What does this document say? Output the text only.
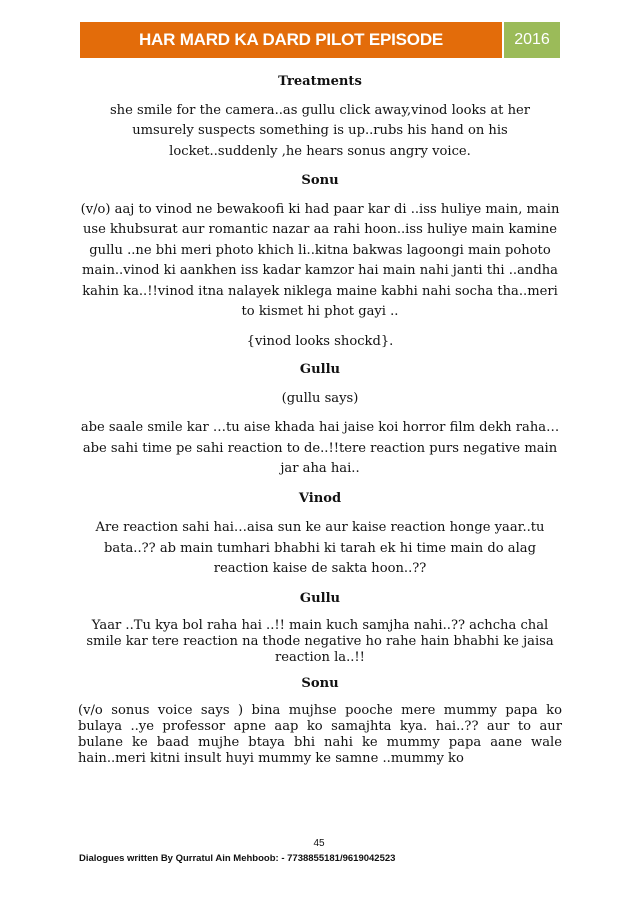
HAR MARD KA DARD PILOT EPISODE	2016

Treatments

she smile for the camera..as gullu click away,vinod looks at her umsurely suspects something is up..rubs his hand on his locket..suddenly ,he hears sonus angry voice.

Sonu

(v/o) aaj to vinod ne bewakoofi ki had paar kar di ..iss huliye main, main use khubsurat aur romantic nazar aa rahi hoon..iss huliye main kamine gullu ..ne bhi meri photo khich li..kitna bakwas lagoongi main pohoto main..vinod ki aankhen iss kadar kamzor hai main nahi janti thi ..andha kahin ka..!!vinod itna nalayek niklega maine kabhi nahi socha tha..meri to kismet hi phot gayi ..

{vinod looks shockd}.

Gullu

(gullu says)

abe saale smile kar …tu aise khada hai jaise koi horror film dekh raha…abe sahi time pe sahi reaction to de..!!tere reaction purs negative main jar aha hai..

Vinod

Are reaction sahi hai…aisa sun ke aur kaise reaction honge yaar..tu bata..?? ab main tumhari bhabhi ki tarah ek hi time main do alag reaction kaise de sakta hoon..??

Gullu

Yaar ..Tu kya bol raha hai ..!! main kuch samjha nahi..?? achcha chal smile kar tere reaction na thode negative ho rahe hain bhabhi ke jaisa reaction la..!!

Sonu

(v/o sonus voice says ) bina mujhse pooche mere mummy papa ko bulaya ..ye professor apne aap ko samajhta kya. hai..?? aur to aur bulane ke baad mujhe btaya bhi nahi ke mummy papa aane wale hain..meri kitni insult huyi mummy ke samne ..mummy ko

45
Dialogues written By Qurratul Ain Mehboob: - 7738855181/9619042523
